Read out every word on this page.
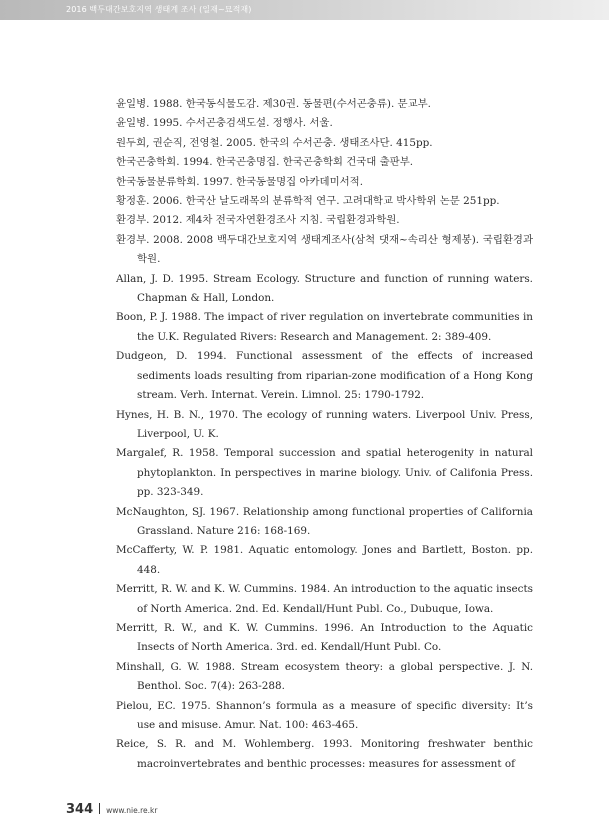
2016 백두대간보호지역 생태계 조사 (일재~묘적재)
윤일병. 1988. 한국동식물도감. 제30권. 동물편(수서곤충류). 문교부.
윤일병. 1995. 수서곤충검색도설. 정행사. 서울.
원두희, 권순직, 전영철. 2005. 한국의 수서곤충. 생태조사단. 415pp.
한국곤충학회. 1994. 한국곤충명집. 한국곤충학회 건국대 출판부.
한국동물분류학회. 1997. 한국동물명집 아카데미서적.
황정훈. 2006. 한국산 날도래목의 분류학적 연구. 고려대학교 박사학위 논문 251pp.
환경부. 2012. 제4차 전국자연환경조사 지침. 국립환경과학원.
환경부. 2008. 2008 백두대간보호지역 생태계조사(삼척 댓재~속리산 형제봉). 국립환경과학원.
Allan, J. D. 1995. Stream Ecology. Structure and function of running waters. Chapman & Hall, London.
Boon, P. J. 1988. The impact of river regulation on invertebrate communities in the U.K. Regulated Rivers: Research and Management. 2: 389-409.
Dudgeon, D. 1994. Functional assessment of the effects of increased sediments loads resulting from riparian-zone modification of a Hong Kong stream. Verh. Internat. Verein. Limnol. 25: 1790-1792.
Hynes, H. B. N., 1970. The ecology of running waters. Liverpool Univ. Press, Liverpool, U. K.
Margalef, R. 1958. Temporal succession and spatial heterogenity in natural phytoplankton. In perspectives in marine biology. Univ. of Califonia Press. pp. 323-349.
McNaughton, SJ. 1967. Relationship among functional properties of California Grassland. Nature 216: 168-169.
McCafferty, W. P. 1981. Aquatic entomology. Jones and Bartlett, Boston. pp. 448.
Merritt, R. W. and K. W. Cummins. 1984. An introduction to the aquatic insects of North America. 2nd. Ed. Kendall/Hunt Publ. Co., Dubuque, Iowa.
Merritt, R. W., and K. W. Cummins. 1996. An Introduction to the Aquatic Insects of North America. 3rd. ed. Kendall/Hunt Publ. Co.
Minshall, G. W. 1988. Stream ecosystem theory: a global perspective. J. N. Benthol. Soc. 7(4): 263-288.
Pielou, EC. 1975. Shannon’s formula as a measure of specific diversity: It’s use and misuse. Amur. Nat. 100: 463-465.
Reice, S. R. and M. Wohlemberg. 1993. Monitoring freshwater benthic macroinvertebrates and benthic processes: measures for assessment of
344 www.nie.re.kr
